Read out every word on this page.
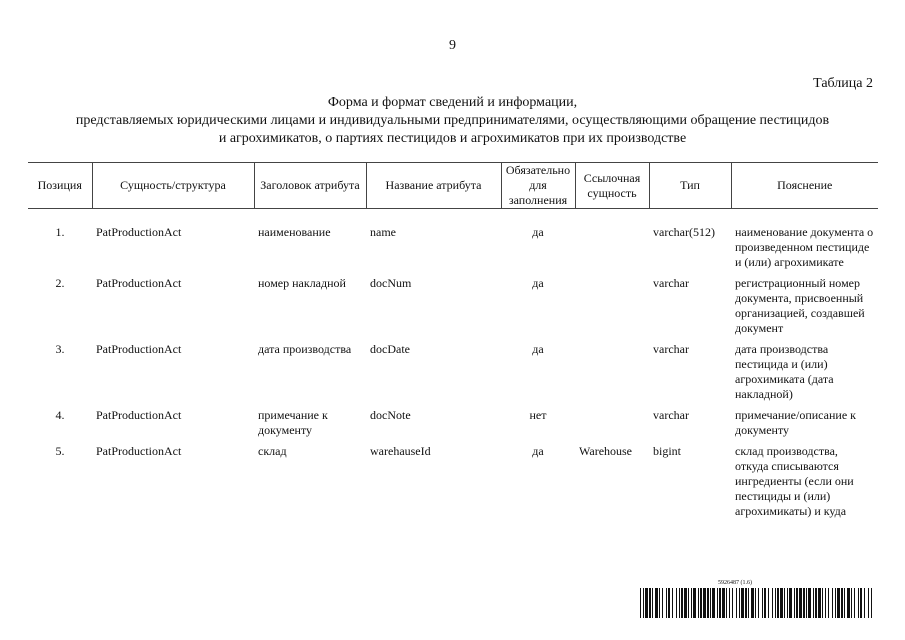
9
Таблица 2
Форма и формат сведений и информации,
представляемых юридическими лицами и индивидуальными предпринимателями, осуществляющими обращение пестицидов
и агрохимикатов, о партиях пестицидов и агрохимикатов при их производстве
Позиция	Сущность/структура	Заголовок атрибута	Название атрибута	Обязательно для заполнения	Ссылочная сущность	Тип	Пояснение
1.	PatProductionAct	наименование	name	да		varchar(512)	наименование документа о произведенном пестициде и (или) агрохимикате
2.	PatProductionAct	номер накладной	docNum	да		varchar	регистрационный номер документа, присвоенный организацией, создавшей документ
3.	PatProductionAct	дата производства	docDate	да		varchar	дата производства пестицида и (или) агрохимиката (дата накладной)
4.	PatProductionAct	примечание к документу	docNote	нет		varchar	примечание/описание к документу
5.	PatProductionAct	склад	warehauseId	да	Warehouse	bigint	склад производства, откуда списываются ингредиенты (если они пестициды и (или) агрохимикаты) и куда
5926487 (1.6)
